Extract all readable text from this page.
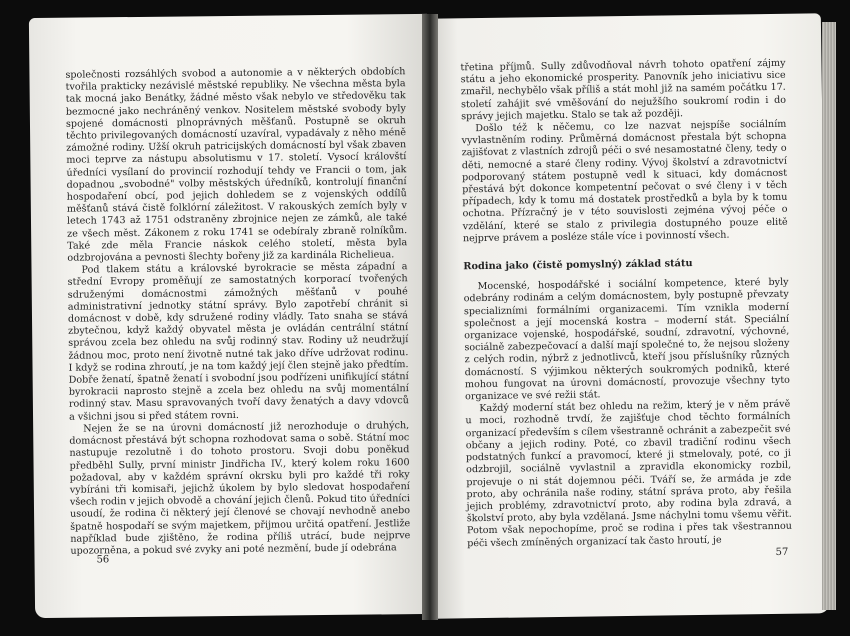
společnosti rozsáhlých svobod a autonomie a v některých obdobích tvořila prakticky nezávislé městské republiky. Ne všechna města byla tak mocná jako Benátky, žádné město však nebylo ve středověku tak bezmocné jako nechráněný venkov. Nositelem městské svobody byly spojené domácnosti plnoprávných měšťanů. Postupně se okruh těchto privilegovaných domácností uzavíral, vypadávaly z něho méně zámožné rodiny. Užší okruh patricijských domácností byl však zbaven moci teprve za nástupu absolutismu v 17. století. Vysocí královští úředníci vysílaní do provincií rozhodují tehdy ve Francii o tom, jak dopadnou „svobodné" volby městských úředníků, kontrolují finanční hospodaření obcí, pod jejich dohledem se z vojenských oddílů měšťanů stává čistě folklórní záležitost. V rakouských zemích byly v letech 1743 až 1751 odstraněny zbrojnice nejen ze zámků, ale také ze všech měst. Zákonem z roku 1741 se odebíraly zbraně rolníkům. Také zde měla Francie náskok celého století, města byla odzbrojována a pevnosti šlechty bořeny již za kardinála Richelieua.

Pod tlakem státu a královské byrokracie se města západní a střední Evropy proměňují ze samostatných korporací tvořených sdruženými domácnostmi zámožných měšťanů v pouhé administrativní jednotky státní správy. Bylo zapotřebí chránit si domácnost v době, kdy sdružené rodiny vládly. Tato snaha se stává zbytečnou, když každý obyvatel města je ovládán centrální státní správou zcela bez ohledu na svůj rodinný stav. Rodiny už neudržují žádnou moc, proto není životně nutné tak jako dříve udržovat rodinu. I když se rodina zhroutí, je na tom každý její člen stejně jako předtím. Dobře ženatí, špatně ženatí i svobodní jsou podřízeni unifikující státní byrokracii naprosto stejně a zcela bez ohledu na svůj momentální rodinný stav. Masu spravovaných tvoří davy ženatých a davy vdovců a všichni jsou si před státem rovni.

Nejen že se na úrovni domácností již nerozhoduje o druhých, domácnost přestává být schopna rozhodovat sama o sobě. Státní moc nastupuje rezolutně i do tohoto prostoru. Svoji dobu poněkud předběhl Sully, první ministr Jindřicha IV., který kolem roku 1600 požadoval, aby v každém správní okrsku byli pro každé tři roky vybíráni tři komisaři, jejichž úkolem by bylo sledovat hospodaření všech rodin v jejich obvodě a chování jejich členů. Pokud tito úředníci usoudí, že rodina či některý její členové se chovají nevhodně anebo špatně hospodaří se svým majetkem, přijmou určitá opatření. Jestliže například bude zjištěno, že rodina příliš utrácí, bude nejprve upozorněna, a pokud své zvyky ani poté nezmění, bude jí odebrána

56

třetina příjmů. Sully zdůvodňoval návrh tohoto opatření zájmy státu a jeho ekonomické prosperity. Panovník jeho iniciativu sice zmařil, nechybělo však příliš a stát mohl již na samém počátku 17. století zahájit své vměšování do nejužšího soukromí rodin i do správy jejich majetku. Stalo se tak až později.

Došlo též k něčemu, co lze nazvat nejspíše sociálním vyvlastněním rodiny. Průměrná domácnost přestala být schopna zajišťovat z vlastních zdrojů péči o své nesamostatné členy, tedy o děti, nemocné a staré členy rodiny. Vývoj školství a zdravotnictví podporovaný státem postupně vedl k situaci, kdy domácnost přestává být dokonce kompetentní pečovat o své členy i v těch případech, kdy k tomu má dostatek prostředků a byla by k tomu ochotna. Přízračný je v této souvislosti zejména vývoj péče o vzdělání, které se stalo z privilegia dostupného pouze elitě nejprve právem a posléze stále více i povinností všech.

Rodina jako (čistě pomyslný) základ státu

Mocenské, hospodářské i sociální kompetence, které byly odebrány rodinám a celým domácnostem, byly postupně převzaty specializními formálními organizacemi. Tím vznikla moderní společnost a její mocenská kostra – moderní stát. Speciální organizace vojenské, hospodářské, soudní, zdravotní, výchovné, sociálně zabezpečovací a další mají společné to, že nejsou složeny z celých rodin, nýbrž z jednotlivců, kteří jsou příslušníky různých domácností. S výjimkou některých soukromých podniků, které mohou fungovat na úrovni domácností, provozuje všechny tyto organizace ve své režii stát.

Každý moderní stát bez ohledu na režim, který je v něm právě u moci, rozhodně trvdí, že zajišťuje chod těchto formálních organizací především s cílem všestranně ochránit a zabezpečit své občany a jejich rodiny. Poté, co zbavil tradiční rodinu všech podstatných funkcí a pravomocí, které ji stmelovaly, poté, co ji odzbrojil, sociálně vyvlastnil a zpravidla ekonomicky rozbil, projevuje o ni stát dojemnou péči. Tváří se, že armáda je zde proto, aby ochránila naše rodiny, státní správa proto, aby řešila jejich problémy, zdravotnictví proto, aby rodina byla zdravá, a školství proto, aby byla vzdělaná. Jsme náchylni tomu všemu věřit. Potom však nepochopíme, proč se rodina i přes tak všestrannou péči všech zmíněných organizací tak často hroutí, je

57
